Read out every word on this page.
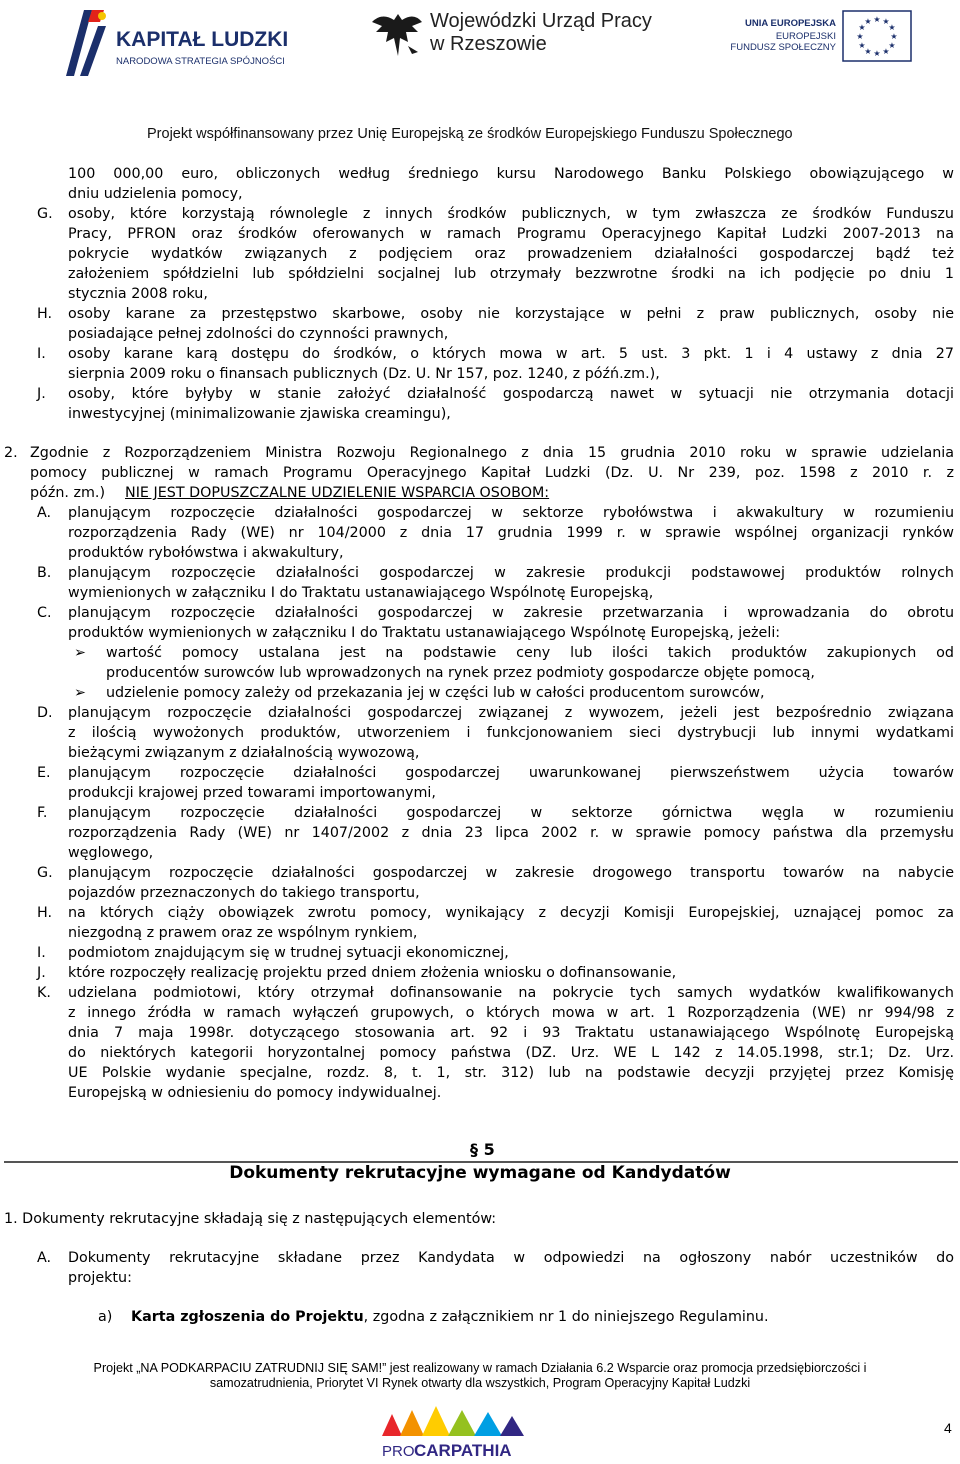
KAPITAŁ LUDZKI
NARODOWA STRATEGIA SPÓJNOŚCI
Wojewódzki Urząd Pracy
w Rzeszowie
UNIA EUROPEJSKA
EUROPEJSKI
FUNDUSZ SPOŁECZNY
★ ★
★
★
★
★
★
★
★
★
★
★
Projekt współfinansowany przez Unię Europejską ze środków Europejskiego Funduszu Społecznego
100 000,00 euro, obliczonych według średniego kursu Narodowego Banku Polskiego obowiązującego w
dniu udzielenia pomocy,
G. osoby, które korzystają równolegle z innych środków publicznych, w tym zwłaszcza ze środków Funduszu
Pracy, PFRON oraz środków oferowanych w ramach Programu Operacyjnego Kapitał Ludzki 2007-2013 na
pokrycie wydatków związanych z podjęciem oraz prowadzeniem działalności gospodarczej bądź też
założeniem spółdzielni lub spółdzielni socjalnej lub otrzymały bezzwrotne środki na ich podjęcie po dniu 1
stycznia 2008 roku,
H. osoby karane za przestępstwo skarbowe, osoby nie korzystające w pełni z praw publicznych, osoby nie
posiadające pełnej zdolności do czynności prawnych,
I. osoby karane karą dostępu do środków, o których mowa w art. 5 ust. 3 pkt. 1 i 4 ustawy z dnia 27
sierpnia 2009 roku o finansach publicznych (Dz. U. Nr 157, poz. 1240, z późń.zm.),
J. osoby, które byłyby w stanie założyć działalność gospodarczą nawet w sytuacji nie otrzymania dotacji
inwestycyjnej (minimalizowanie zjawiska creamingu),
2. Zgodnie z Rozporządzeniem Ministra Rozwoju Regionalnego z dnia 15 grudnia 2010 roku w sprawie udzielania
pomocy publicznej w ramach Programu Operacyjnego Kapitał Ludzki (Dz. U. Nr 239, poz. 1598 z 2010 r. z
późn. zm.) NIE JEST DOPUSZCZALNE UDZIELENIE WSPARCIA OSOBOM:
A. planującym rozpoczęcie działalności gospodarczej w sektorze rybołówstwa i akwakultury w rozumieniu
rozporządzenia Rady (WE) nr 104/2000 z dnia 17 grudnia 1999 r. w sprawie wspólnej organizacji rynków
produktów rybołówstwa i akwakultury,
B. planującym rozpoczęcie działalności gospodarczej w zakresie produkcji podstawowej produktów rolnych
wymienionych w załączniku I do Traktatu ustanawiającego Wspólnotę Europejską,
C. planującym rozpoczęcie działalności gospodarczej w zakresie przetwarzania i wprowadzania do obrotu
produktów wymienionych w załączniku I do Traktatu ustanawiającego Wspólnotę Europejską, jeżeli:
➢ wartość pomocy ustalana jest na podstawie ceny lub ilości takich produktów zakupionych od
producentów surowców lub wprowadzonych na rynek przez podmioty gospodarcze objęte pomocą,
➢ udzielenie pomocy zależy od przekazania jej w części lub w całości producentom surowców,
D. planującym rozpoczęcie działalności gospodarczej związanej z wywozem, jeżeli jest bezpośrednio związana
z ilością wywożonych produktów, utworzeniem i funkcjonowaniem sieci dystrybucji lub innymi wydatkami
bieżącymi związanym z działalnością wywozową,
E. planującym rozpoczęcie działalności gospodarczej uwarunkowanej pierwszeństwem użycia towarów
produkcji krajowej przed towarami importowanymi,
F. planującym rozpoczęcie działalności gospodarczej w sektorze górnictwa węgla w rozumieniu
rozporządzenia Rady (WE) nr 1407/2002 z dnia 23 lipca 2002 r. w sprawie pomocy państwa dla przemysłu
węglowego,
G. planującym rozpoczęcie działalności gospodarczej w zakresie drogowego transportu towarów na nabycie
pojazdów przeznaczonych do takiego transportu,
H. na których ciąży obowiązek zwrotu pomocy, wynikający z decyzji Komisji Europejskiej, uznającej pomoc za
niezgodną z prawem oraz ze wspólnym rynkiem,
I. podmiotom znajdującym się w trudnej sytuacji ekonomicznej,
J. które rozpoczęły realizację projektu przed dniem złożenia wniosku o dofinansowanie,
K. udzielana podmiotowi, który otrzymał dofinansowanie na pokrycie tych samych wydatków kwalifikowanych
z innego źródła w ramach wyłączeń grupowych, o których mowa w art. 1 Rozporządzenia (WE) nr 994/98 z
dnia 7 maja 1998r. dotyczącego stosowania art. 92 i 93 Traktatu ustanawiającego Wspólnotę Europejską
do niektórych kategorii horyzontalnej pomocy państwa (DZ. Urz. WE L 142 z 14.05.1998, str.1; Dz. Urz.
UE Polskie wydanie specjalne, rozdz. 8, t. 1, str. 312) lub na podstawie decyzji przyjętej przez Komisję
Europejską w odniesieniu do pomocy indywidualnej.
§ 5
Dokumenty rekrutacyjne wymagane od Kandydatów
1. Dokumenty rekrutacyjne składają się z następujących elementów:
A. Dokumenty rekrutacyjne składane przez Kandydata w odpowiedzi na ogłoszony nabór uczestników do
projektu:
a) Karta zgłoszenia do Projektu, zgodna z załącznikiem nr 1 do niniejszego Regulaminu.
Projekt „NA PODKARPACIU ZATRUDNIJ SIĘ SAM!” jest realizowany w ramach Działania 6.2 Wsparcie oraz promocja przedsiębiorczości i
samozatrudnienia, Priorytet VI Rynek otwarty dla wszystkich, Program Operacyjny Kapitał Ludzki
PRO CARPATHIA
4
